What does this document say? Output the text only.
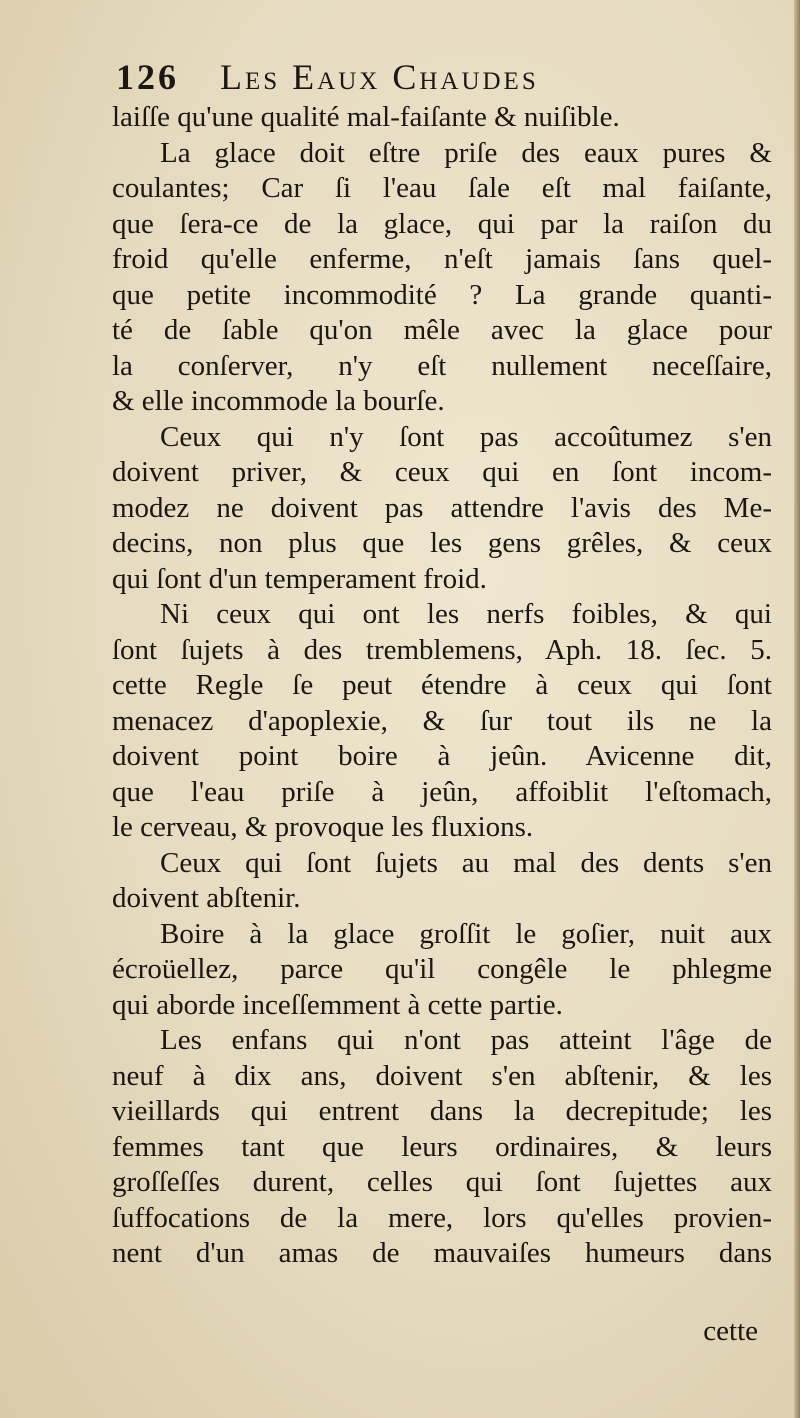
126 Les Eaux Chaudes
laiſſe qu'une qualité mal-faiſante & nuiſible.
La glace doit eſtre priſe des eaux pures &
coulantes; Car ſi l'eau ſale eſt mal faiſante,
que ſera-ce de la glace, qui par la raiſon du
froid qu'elle enferme, n'eſt jamais ſans quel-
que petite incommodité ? La grande quanti-
té de ſable qu'on mêle avec la glace pour
la conſerver, n'y eſt nullement neceſſaire,
& elle incommode la bourſe.
Ceux qui n'y ſont pas accoûtumez s'en
doivent priver, & ceux qui en ſont incom-
modez ne doivent pas attendre l'avis des Me-
decins, non plus que les gens grêles, & ceux
qui ſont d'un temperament froid.
Ni ceux qui ont les nerfs foibles, & qui
ſont ſujets à des tremblemens, Aph. 18. ſec. 5.
cette Regle ſe peut étendre à ceux qui ſont
menacez d'apoplexie, & ſur tout ils ne la
doivent point boire à jeûn. Avicenne dit,
que l'eau priſe à jeûn, affoiblit l'eſtomach,
le cerveau, & provoque les fluxions.
Ceux qui ſont ſujets au mal des dents s'en
doivent abſtenir.
Boire à la glace groſſit le goſier, nuit aux
écroüellez, parce qu'il congêle le phlegme
qui aborde inceſſemment à cette partie.
Les enfans qui n'ont pas atteint l'âge de
neuf à dix ans, doivent s'en abſtenir, & les
vieillards qui entrent dans la decrepitude; les
femmes tant que leurs ordinaires, & leurs
groſſeſſes durent, celles qui ſont ſujettes aux
ſuffocations de la mere, lors qu'elles provien-
nent d'un amas de mauvaiſes humeurs dans
cette
